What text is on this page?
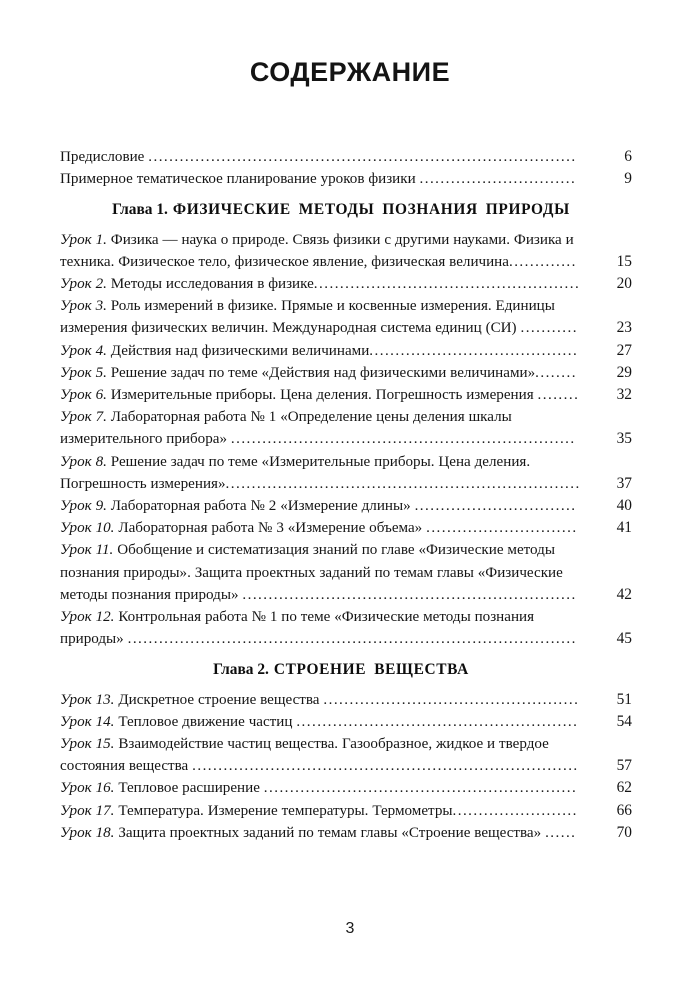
СОДЕРЖАНИЕ
Предисловие ..................................................................................	6
Примерное тематическое планирование уроков физики ..............................	9
Глава 1. ФИЗИЧЕСКИЕ МЕТОДЫ ПОЗНАНИЯ ПРИРОДЫ
Урок 1. Физика — наука о природе. Связь физики с другими науками. Физика и техника. Физическое тело, физическое явление, физическая величина.............	15
Урок 2. Методы исследования в физике...................................................	20
Урок 3. Роль измерений в физике. Прямые и косвенные измерения. Единицы измерения физических величин. Международная система единиц (СИ) ...........	23
Урок 4. Действия над физическими величинами........................................	27
Урок 5. Решение задач по теме «Действия над физическими величинами»........	29
Урок 6. Измерительные приборы. Цена деления. Погрешность измерения ........	32
Урок 7. Лабораторная работа № 1 «Определение цены деления шкалы измерительного прибора» ..................................................................	35
Урок 8. Решение задач по теме «Измерительные приборы. Цена деления. Погрешность измерения»....................................................................	37
Урок 9. Лабораторная работа № 2 «Измерение длины» ...............................	40
Урок 10. Лабораторная работа № 3 «Измерение объема» .............................	41
Урок 11. Обобщение и систематизация знаний по главе «Физические методы познания природы». Защита проектных заданий по темам главы «Физические методы познания природы» ................................................................	42
Урок 12. Контрольная работа № 1 по теме «Физические методы познания природы» ......................................................................................	45
Глава 2. СТРОЕНИЕ ВЕЩЕСТВА
Урок 13. Дискретное строение вещества .................................................	51
Урок 14. Тепловое движение частиц ......................................................	54
Урок 15. Взаимодействие частиц вещества. Газообразное, жидкое и твердое состояния вещества ..........................................................................	57
Урок 16. Тепловое расширение ............................................................	62
Урок 17. Температура. Измерение температуры. Термометры........................	66
Урок 18. Защита проектных заданий по темам главы «Строение вещества» ......	70
3
